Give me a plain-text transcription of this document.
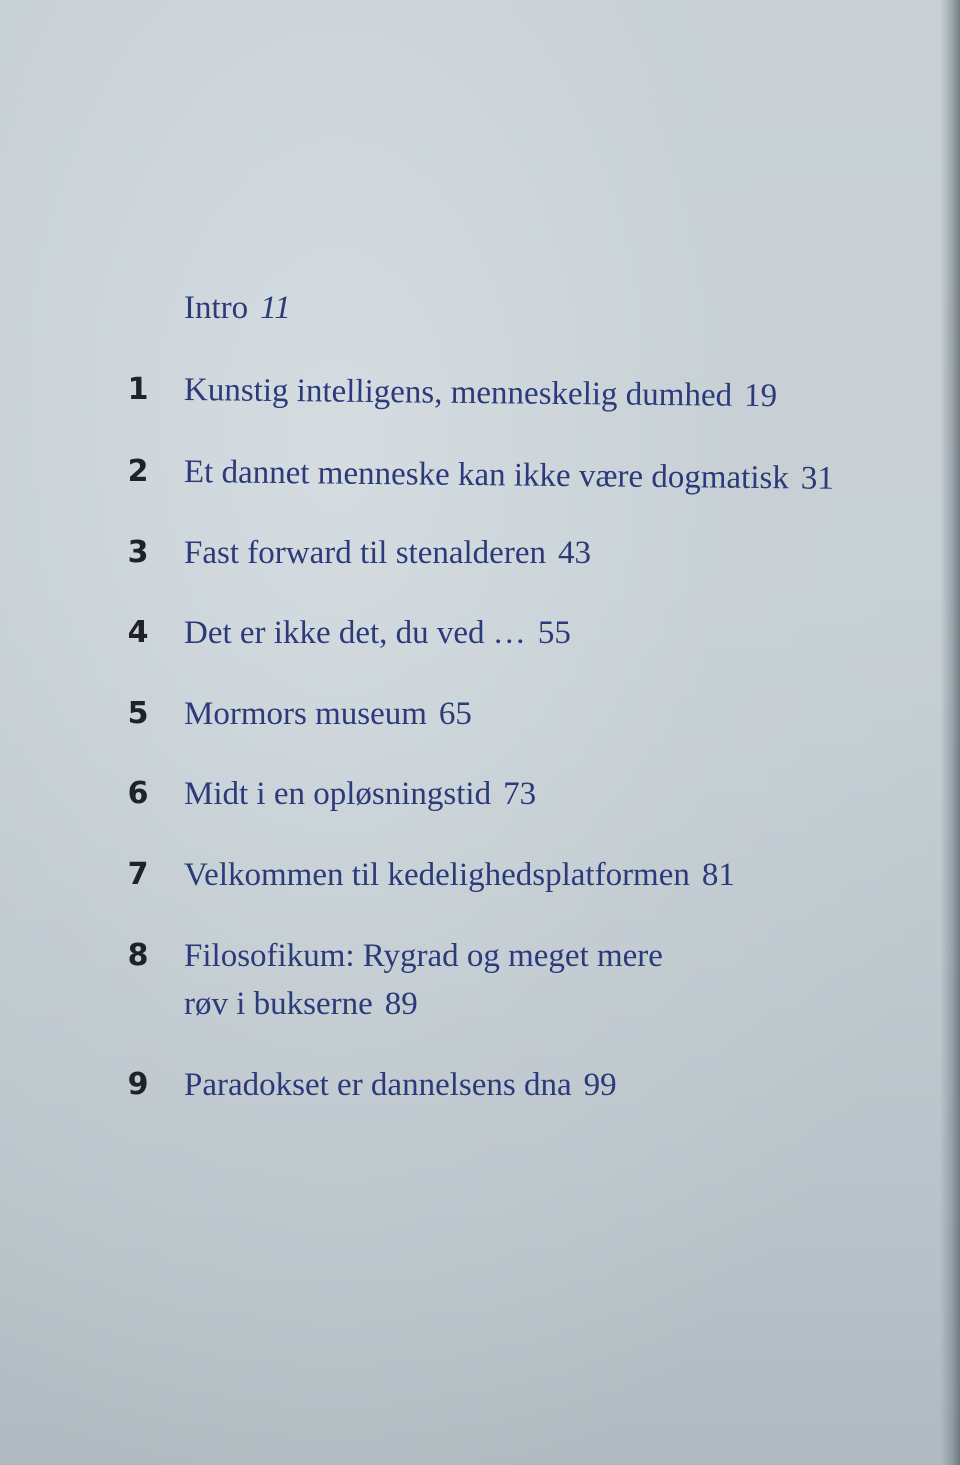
Intro 11
1 Kunstig intelligens, menneskelig dumhed 19
2 Et dannet menneske kan ikke være dogmatisk 31
3 Fast forward til stenalderen 43
4 Det er ikke det, du ved … 55
5 Mormors museum 65
6 Midt i en opløsningstid 73
7 Velkommen til kedelighedsplatformen 81
8 Filosofikum: Rygrad og meget mere
røv i bukserne 89
9 Paradokset er dannelsens dna 99
